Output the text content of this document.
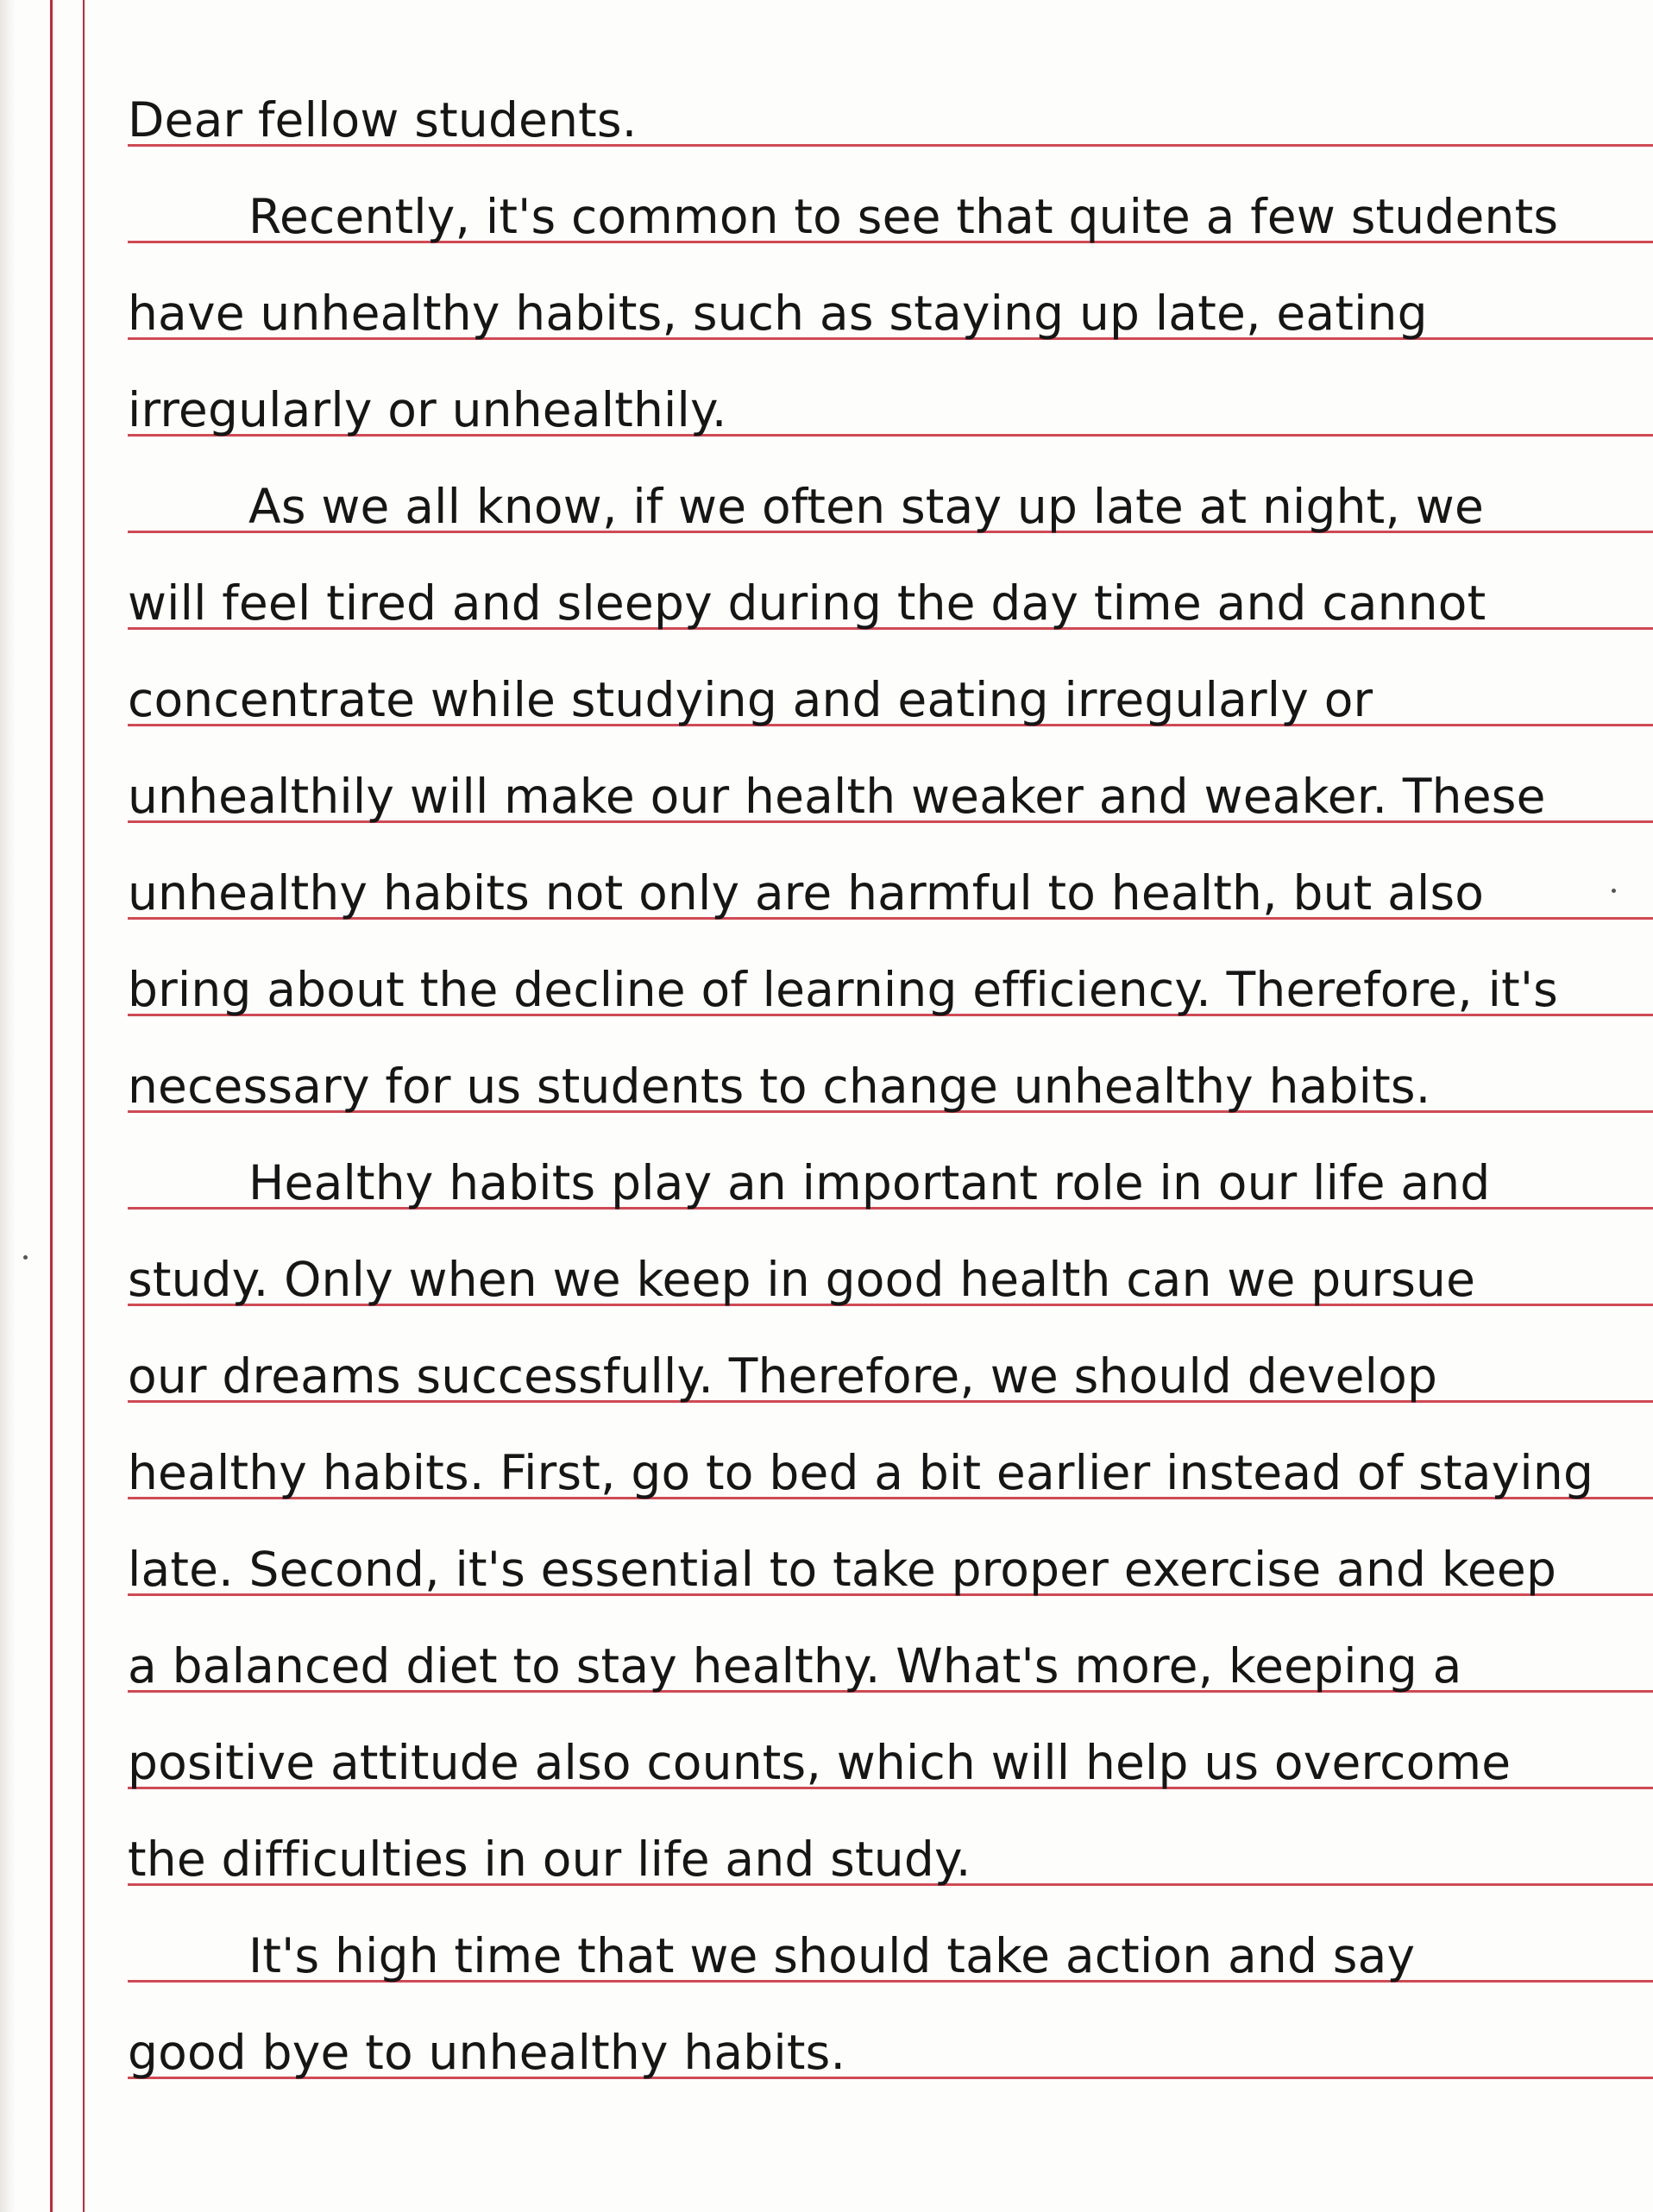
Dear fellow students.
Recently, it's common to see that quite a few students
have unhealthy habits, such as staying up late, eating
irregularly or unhealthily.
As we all know, if we often stay up late at night, we
will feel tired and sleepy during the day time and cannot
concentrate while studying and eating irregularly or
unhealthily will make our health weaker and weaker. These
unhealthy habits not only are harmful to health, but also
bring about the decline of learning efficiency. Therefore, it's
necessary for us students to change unhealthy habits.
Healthy habits play an important role in our life and
study. Only when we keep in good health can we pursue
our dreams successfully. Therefore, we should develop
healthy habits. First, go to bed a bit earlier instead of staying
late. Second, it's essential to take proper exercise and keep
a balanced diet to stay healthy. What's more, keeping a
positive attitude also counts, which will help us overcome
the difficulties in our life and study.
It's high time that we should take action and say
good bye to unhealthy habits.
